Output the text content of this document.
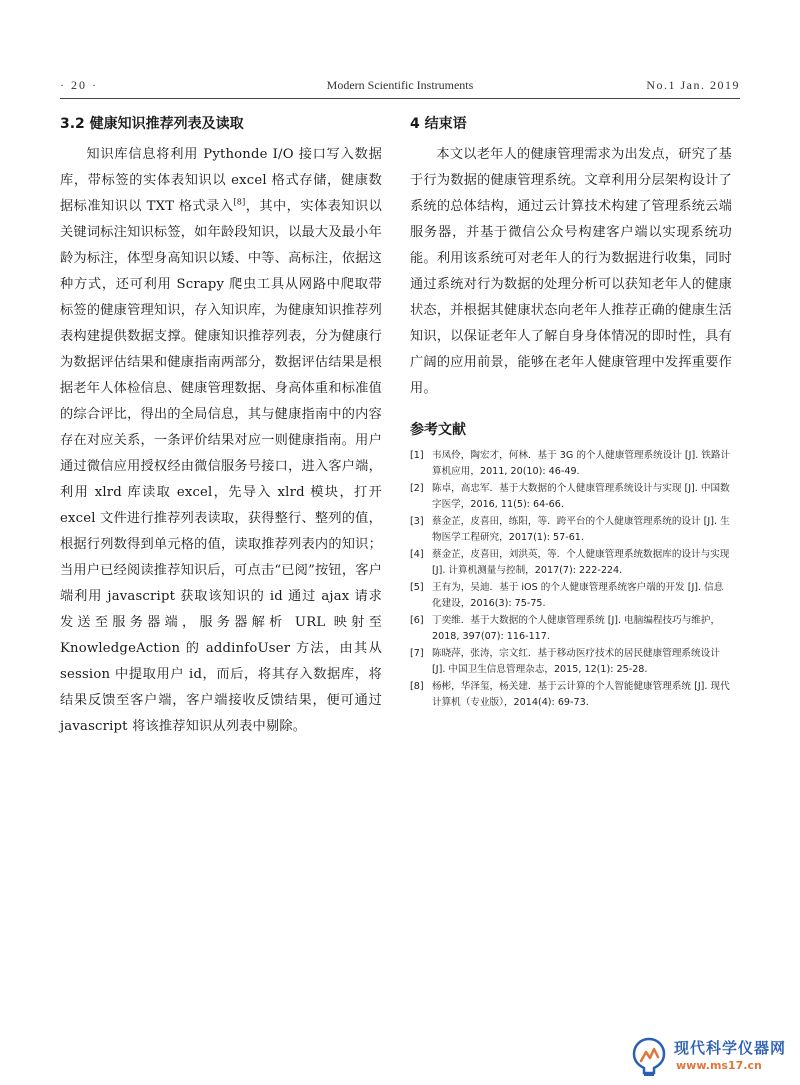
· 20 ·	Modern Scientific Instruments	No.1 Jan. 2019
3.2 健康知识推荐列表及读取

知识库信息将利用 Pythonde I/O 接口写入数据库，带标签的实体表知识以 excel 格式存储，健康数据标准知识以 TXT 格式录入[8]，其中，实体表知识以关键词标注知识标签，如年龄段知识，以最大及最小年龄为标注，体型身高知识以矮、中等、高标注，依据这种方式，还可利用 Scrapy 爬虫工具从网路中爬取带标签的健康管理知识，存入知识库，为健康知识推荐列表构建提供数据支撑。健康知识推荐列表，分为健康行为数据评估结果和健康指南两部分，数据评估结果是根据老年人体检信息、健康管理数据、身高体重和标准值的综合评比，得出的全局信息，其与健康指南中的内容存在对应关系，一条评价结果对应一则健康指南。用户通过微信应用授权经由微信服务号接口，进入客户端，利用 xlrd 库读取 excel，先导入 xlrd 模块，打开 excel 文件进行推荐列表读取，获得整行、整列的值，根据行列数得到单元格的值，读取推荐列表内的知识；当用户已经阅读推荐知识后，可点击“已阅”按钮，客户端利用 javascript 获取该知识的 id 通过 ajax 请求发送至服务器端，服务器解析 URL 映射至 KnowledgeAction 的 addinfoUser 方法，由其从 session 中提取用户 id，而后，将其存入数据库，将结果反馈至客户端，客户端接收反馈结果，便可通过 javascript 将该推荐知识从列表中剔除。

4 结束语

本文以老年人的健康管理需求为出发点，研究了基于行为数据的健康管理系统。文章利用分层架构设计了系统的总体结构，通过云计算技术构建了管理系统云端服务器，并基于微信公众号构建客户端以实现系统功能。利用该系统可对老年人的行为数据进行收集，同时通过系统对行为数据的处理分析可以获知老年人的健康状态，并根据其健康状态向老年人推荐正确的健康生活知识，以保证老年人了解自身身体情况的即时性，具有广阔的应用前景，能够在老年人健康管理中发挥重要作用。

参考文献
[1] 韦凤伶，陶宏才，何林．基于 3G 的个人健康管理系统设计 [J]. 铁路计算机应用，2011, 20(10): 46-49.
[2] 陈卓，高忠军．基于大数据的个人健康管理系统设计与实现 [J]. 中国数字医学，2016, 11(5): 64-66.
[3] 蔡金芷，皮喜田，练阳，等．跨平台的个人健康管理系统的设计 [J]. 生物医学工程研究，2017(1): 57-61.
[4] 蔡金芷，皮喜田，刘洪英，等．个人健康管理系统数据库的设计与实现 [J]. 计算机测量与控制，2017(7): 222-224.
[5] 王有为，吴迪．基于 iOS 的个人健康管理系统客户端的开发 [J]. 信息化建设，2016(3): 75-75.
[6] 丁奕维．基于大数据的个人健康管理系统 [J]. 电脑编程技巧与维护，2018, 397(07): 116-117.
[7] 陈晓萍，张涛，宗文红．基于移动医疗技术的居民健康管理系统设计 [J]. 中国卫生信息管理杂志，2015, 12(1): 25-28.
[8] 杨彬，华泽玺，杨关建．基于云计算的个人智能健康管理系统 [J]. 现代计算机（专业版），2014(4): 69-73.
现代科学仪器网
www.ms17.cn
